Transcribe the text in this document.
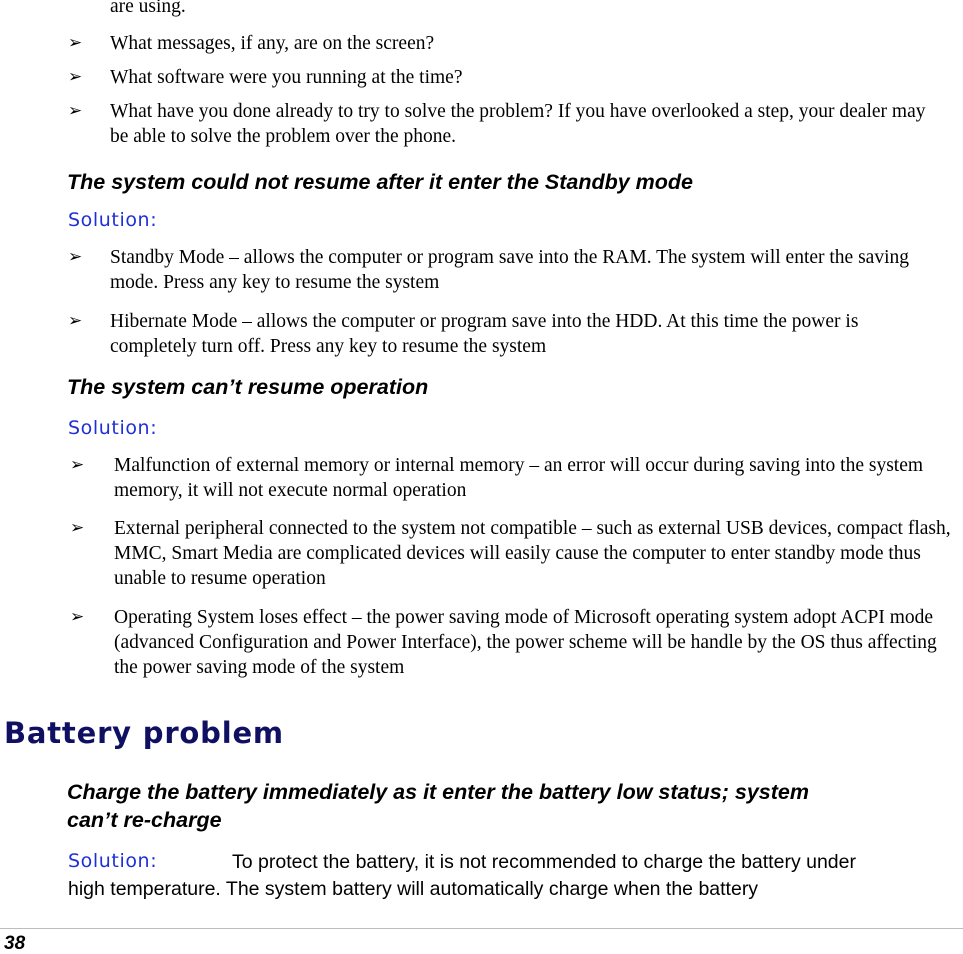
are using.
➢ What messages, if any, are on the screen?
➢ What software were you running at the time?
➢ What have you done already to try to solve the problem? If you have overlooked a step, your dealer may be able to solve the problem over the phone.
The system could not resume after it enter the Standby mode
Solution:
➢ Standby Mode – allows the computer or program save into the RAM. The system will enter the saving mode. Press any key to resume the system
➢ Hibernate Mode – allows the computer or program save into the HDD. At this time the power is completely turn off. Press any key to resume the system
The system can’t resume operation
Solution:
➢ Malfunction of external memory or internal memory – an error will occur during saving into the system memory, it will not execute normal operation
➢ External peripheral connected to the system not compatible – such as external USB devices, compact flash, MMC, Smart Media are complicated devices will easily cause the computer to enter standby mode thus unable to resume operation
➢ Operating System loses effect – the power saving mode of Microsoft operating system adopt ACPI mode (advanced Configuration and Power Interface), the power scheme will be handle by the OS thus affecting the power saving mode of the system
Battery problem
Charge the battery immediately as it enter the battery low status; system
can’t re-charge
Solution:	To protect the battery, it is not recommended to charge the battery under
high temperature. The system battery will automatically charge when the battery
38
